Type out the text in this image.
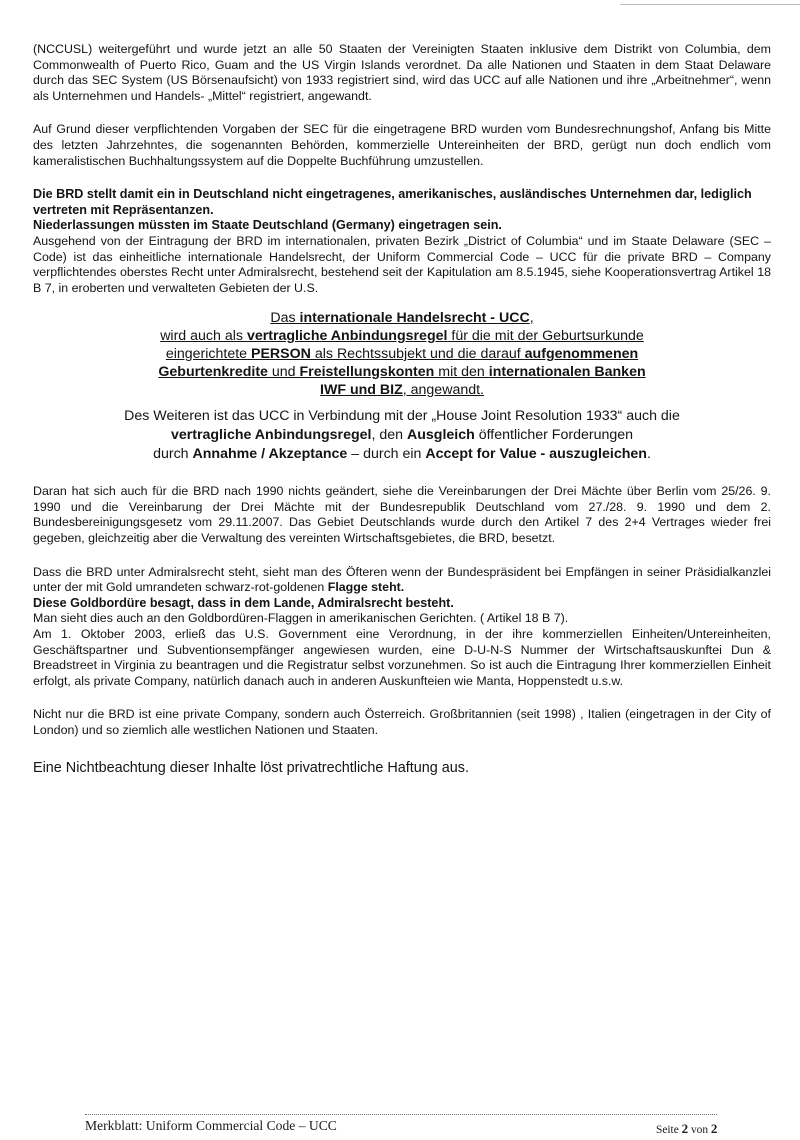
(NCCUSL) weitergeführt und wurde jetzt an alle 50 Staaten der Vereinigten Staaten inklusive dem Distrikt von Columbia, dem Commonwealth of Puerto Rico, Guam and the US Virgin Islands verordnet. Da alle Nationen und Staaten in dem Staat Delaware durch das SEC System (US Börsenaufsicht) von 1933 registriert sind, wird das UCC auf alle Nationen und ihre „Arbeitnehmer“, wenn als Unternehmen und Handels- „Mittel“ registriert, angewandt.

Auf Grund dieser verpflichtenden Vorgaben der SEC für die eingetragene BRD wurden vom Bundesrechnungshof, Anfang bis Mitte des letzten Jahrzehntes, die sogenannten Behörden, kommerzielle Untereinheiten der BRD, gerügt nun doch endlich vom kameralistischen Buchhaltungssystem auf die Doppelte Buchführung umzustellen.

Die BRD stellt damit ein in Deutschland nicht eingetragenes, amerikanisches, ausländisches Unternehmen dar, lediglich vertreten mit Repräsentanzen.

Niederlassungen müssten im Staate Deutschland (Germany) eingetragen sein.

Ausgehend von der Eintragung der BRD im internationalen, privaten Bezirk „District of Columbia“ und im Staate Delaware (SEC – Code) ist das einheitliche internationale Handelsrecht, der Uniform Commercial Code – UCC für die private BRD – Company verpflichtendes oberstes Recht unter Admiralsrecht, bestehend seit der Kapitulation am 8.5.1945, siehe Kooperationsvertrag Artikel 18 B 7, in eroberten und verwalteten Gebieten der U.S.

Das internationale Handelsrecht - UCC,
wird auch als vertragliche Anbindungsregel für die mit der Geburtsurkunde
eingerichtete PERSON als Rechtssubjekt und die darauf aufgenommenen
Geburtenkredite und Freistellungskonten mit den internationalen Banken
IWF und BIZ, angewandt.
Des Weiteren ist das UCC in Verbindung mit der „House Joint Resolution 1933“ auch die
vertragliche Anbindungsregel, den Ausgleich öffentlicher Forderungen
durch Annahme / Akzeptance – durch ein Accept for Value - auszugleichen.

Daran hat sich auch für die BRD nach 1990 nichts geändert, siehe die Vereinbarungen der Drei Mächte über Berlin vom 25/26. 9. 1990 und die Vereinbarung der Drei Mächte mit der Bundesrepublik Deutschland vom 27./28. 9. 1990 und dem 2. Bundesbereinigungsgesetz vom 29.11.2007. Das Gebiet Deutschlands wurde durch den Artikel 7 des 2+4 Vertrages wieder frei gegeben, gleichzeitig aber die Verwaltung des vereinten Wirtschaftsgebietes, die BRD, besetzt.

Dass die BRD unter Admiralsrecht steht, sieht man des Öfteren wenn der Bundespräsident bei Empfängen in seiner Präsidialkanzlei unter der mit Gold umrandeten schwarz-rot-goldenen Flagge steht.

Diese Goldbordüre besagt, dass in dem Lande, Admiralsrecht besteht.

Man sieht dies auch an den Goldbordüren-Flaggen in amerikanischen Gerichten. ( Artikel 18 B 7).

Am 1. Oktober 2003, erließ das U.S. Government eine Verordnung, in der ihre kommerziellen Einheiten/Untereinheiten, Geschäftspartner und Subventionsempfänger angewiesen wurden, eine D-U-N-S Nummer der Wirtschaftsauskunftei Dun & Breadstreet in Virginia zu beantragen und die Registratur selbst vorzunehmen. So ist auch die Eintragung Ihrer kommerziellen Einheit erfolgt, als private Company, natürlich danach auch in anderen Auskunfteien wie Manta, Hoppenstedt u.s.w.

Nicht nur die BRD ist eine private Company, sondern auch Österreich. Großbritannien (seit 1998) , Italien (eingetragen in der City of London) und so ziemlich alle westlichen Nationen und Staaten.

Eine Nichtbeachtung dieser Inhalte löst privatrechtliche Haftung aus.

Merkblatt: Uniform Commercial Code – UCC	Seite 2 von 2
